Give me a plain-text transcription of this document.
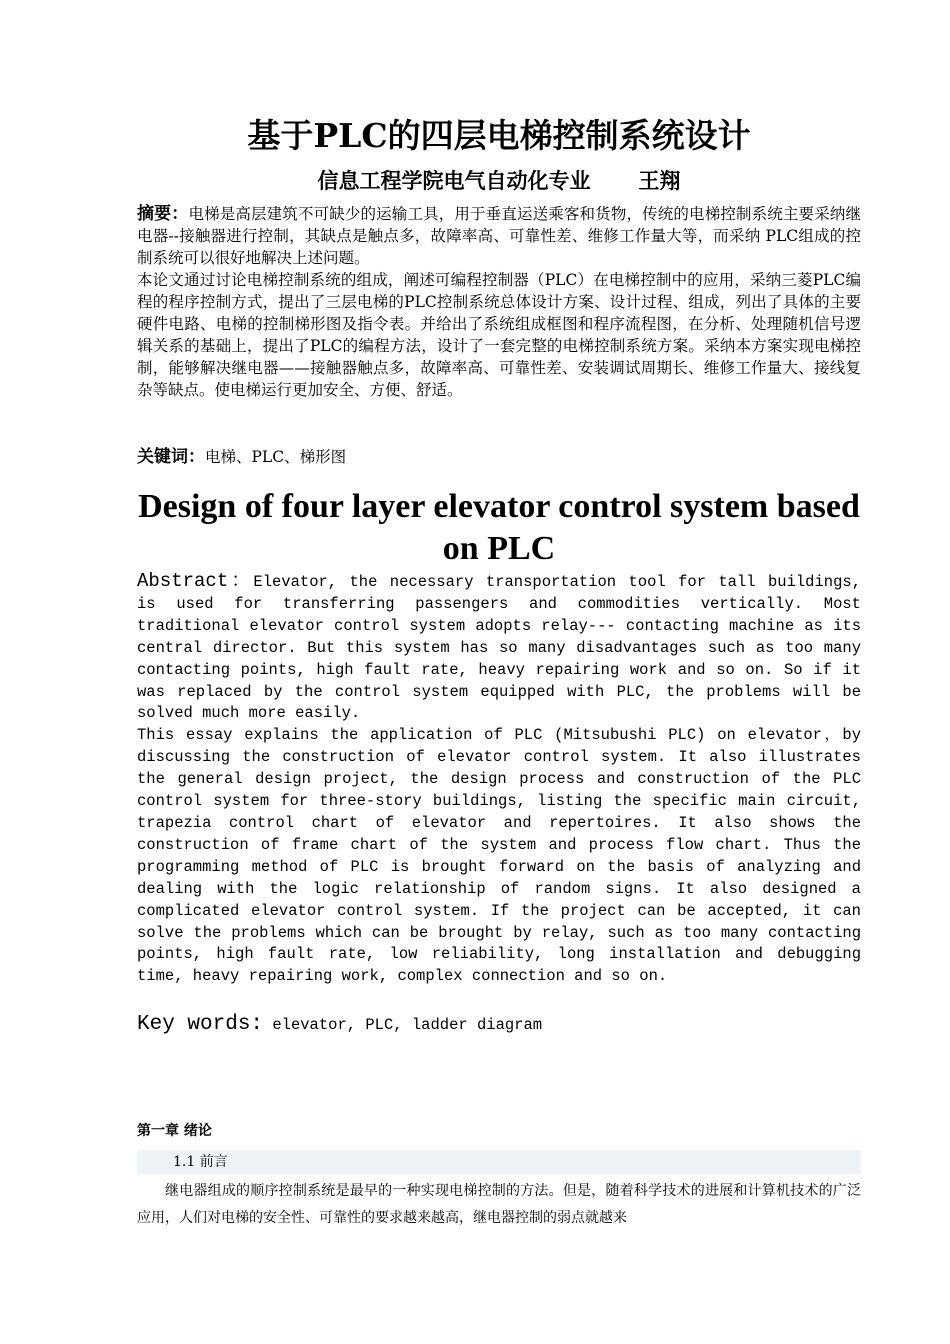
基于PLC的四层电梯控制系统设计
信息工程学院电气自动化专业 王翔

摘要：电梯是高层建筑不可缺少的运输工具，用于垂直运送乘客和货物，传统的电梯控制系统主要采纳继电器--接触器进行控制，其缺点是触点多，故障率高、可靠性差、维修工作量大等，而采纳 PLC组成的控制系统可以很好地解决上述问题。

本论文通过讨论电梯控制系统的组成，阐述可编程控制器（PLC）在电梯控制中的应用，采纳三菱PLC编程的程序控制方式，提出了三层电梯的PLC控制系统总体设计方案、设计过程、组成，列出了具体的主要硬件电路、电梯的控制梯形图及指令表。并给出了系统组成框图和程序流程图，在分析、处理随机信号逻辑关系的基础上，提出了PLC的编程方法，设计了一套完整的电梯控制系统方案。采纳本方案实现电梯控制，能够解决继电器——接触器触点多，故障率高、可靠性差、安装调试周期长、维修工作量大、接线复杂等缺点。使电梯运行更加安全、方便、舒适。

关键词：电梯、PLC、梯形图
Design of four layer elevator control system based on PLC

Abstract：Elevator, the necessary transportation tool for tall buildings, is used for transferring passengers and commodities vertically. Most traditional elevator control system adopts relay--- contacting machine as its central director. But this system has so many disadvantages such as too many contacting points, high fault rate, heavy repairing work and so on. So if it was replaced by the control system equipped with PLC, the problems will be solved much more easily.

This essay explains the application of PLC (Mitsubushi PLC) on elevator，by discussing the construction of elevator control system. It also illustrates the general design project, the design process and construction of the PLC control system for three-story buildings, listing the specific main circuit, trapezia control chart of elevator and repertoires. It also shows the construction of frame chart of the system and process flow chart. Thus the programming method of PLC is brought forward on the basis of analyzing and dealing with the logic relationship of random signs. It also designed a complicated elevator control system. If the project can be accepted, it can solve the problems which can be brought by relay, such as too many contacting points, high fault rate, low reliability, long installation and debugging time, heavy repairing work, complex connection and so on.

Key words: elevator, PLC, ladder diagram
第一章 绪论
1.1 前言
继电器组成的顺序控制系统是最早的一种实现电梯控制的方法。但是，随着科学技术的进展和计算机技术的广泛应用，人们对电梯的安全性、可靠性的要求越来越高，继电器控制的弱点就越来
